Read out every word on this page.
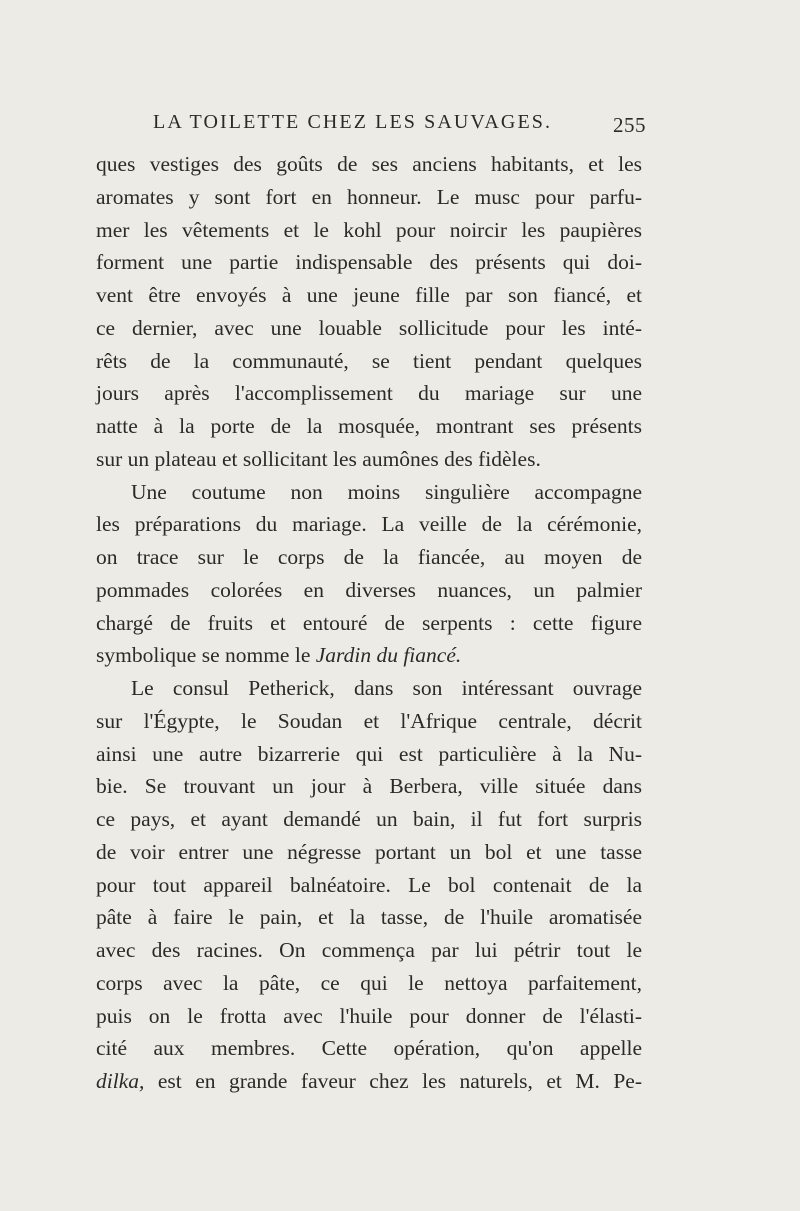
LA TOILETTE CHEZ LES SAUVAGES.	255
ques vestiges des goûts de ses anciens habitants, et les
aromates y sont fort en honneur. Le musc pour parfu-
mer les vêtements et le kohl pour noircir les paupières
forment une partie indispensable des présents qui doi-
vent être envoyés à une jeune fille par son fiancé, et
ce dernier, avec une louable sollicitude pour les inté-
rêts de la communauté, se tient pendant quelques
jours après l'accomplissement du mariage sur une
natte à la porte de la mosquée, montrant ses présents
sur un plateau et sollicitant les aumônes des fidèles.
Une coutume non moins singulière accompagne
les préparations du mariage. La veille de la cérémonie,
on trace sur le corps de la fiancée, au moyen de
pommades colorées en diverses nuances, un palmier
chargé de fruits et entouré de serpents : cette figure
symbolique se nomme le Jardin du fiancé.
Le consul Petherick, dans son intéressant ouvrage
sur l'Égypte, le Soudan et l'Afrique centrale, décrit
ainsi une autre bizarrerie qui est particulière à la Nu-
bie. Se trouvant un jour à Berbera, ville située dans
ce pays, et ayant demandé un bain, il fut fort surpris
de voir entrer une négresse portant un bol et une tasse
pour tout appareil balnéatoire. Le bol contenait de la
pâte à faire le pain, et la tasse, de l'huile aromatisée
avec des racines. On commença par lui pétrir tout le
corps avec la pâte, ce qui le nettoya parfaitement,
puis on le frotta avec l'huile pour donner de l'élasti-
cité aux membres. Cette opération, qu'on appelle
dilka, est en grande faveur chez les naturels, et M. Pe-
